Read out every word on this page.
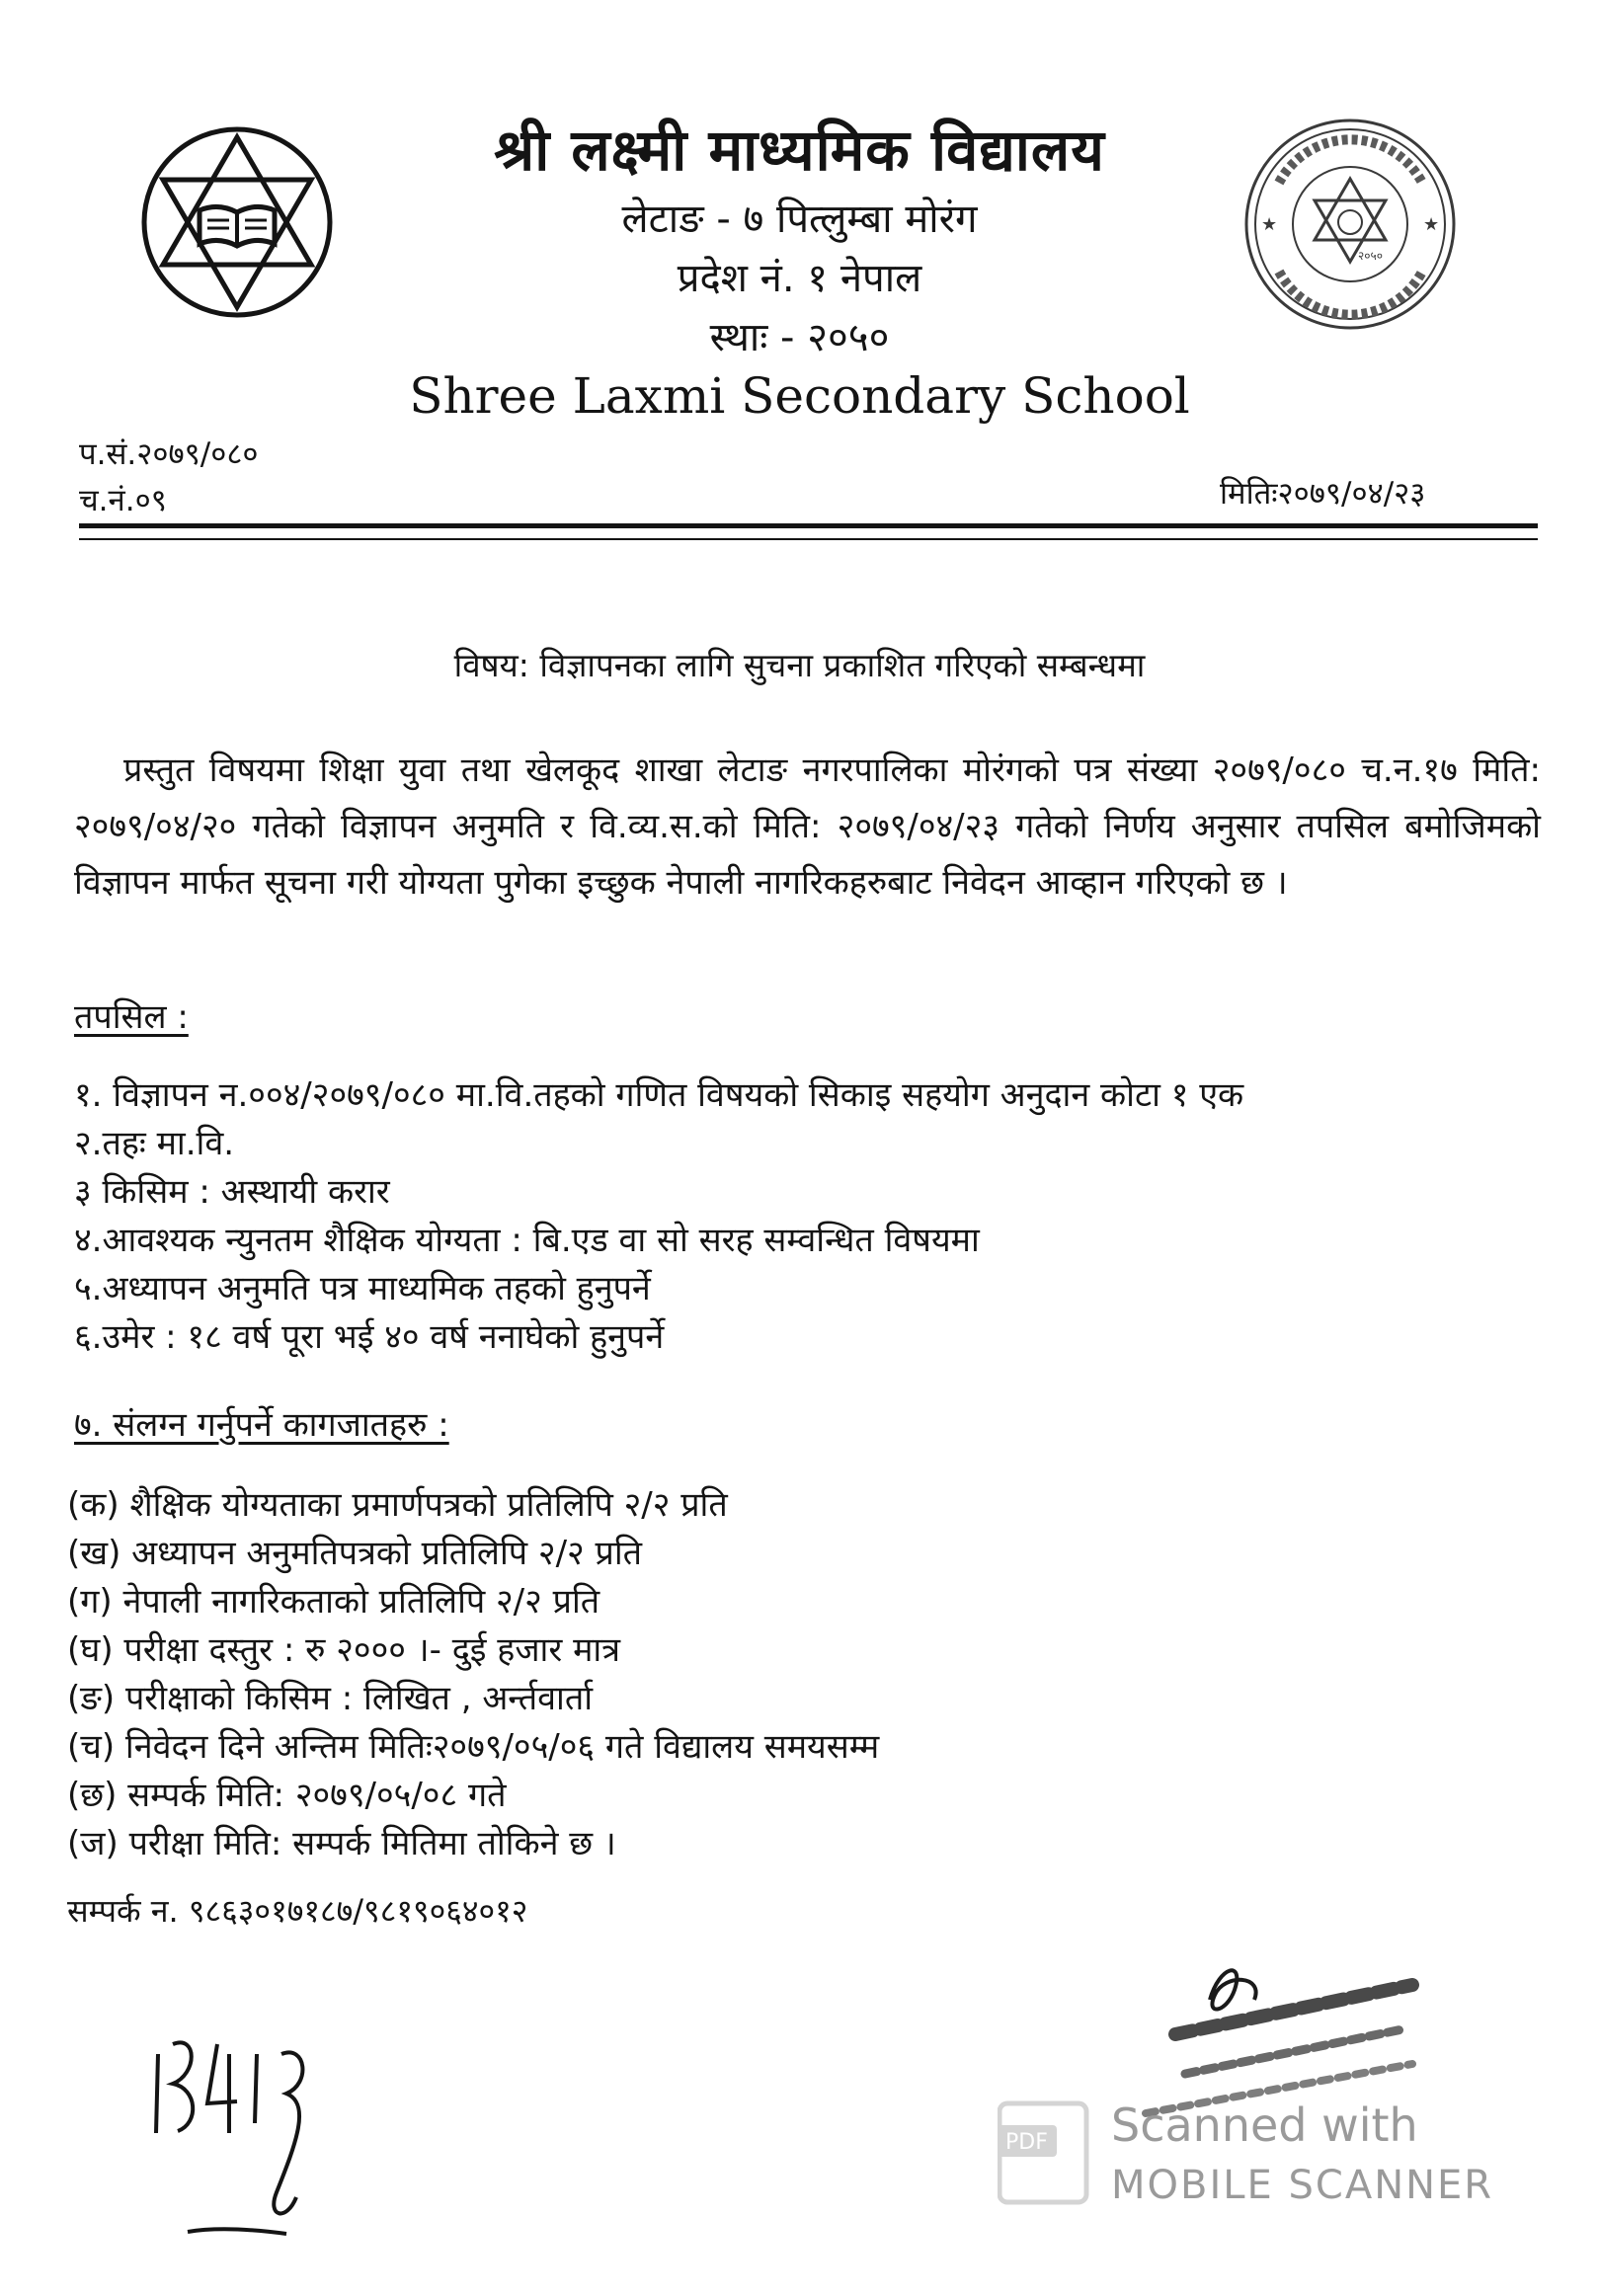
श्री लक्ष्मी माध्यमिक विद्यालय
लेटाङ - ७ पित्लुम्बा मोरंग
प्रदेश नं. १ नेपाल
स्थाः - २०५०
Shree Laxmi Secondary School
★	★
२०५०
प.सं.२०७९/०८०
च.नं.०९	मितिः२०७९/०४/२३
विषय: विज्ञापनका लागि सुचना प्रकाशित गरिएको सम्बन्धमा
प्रस्तुत विषयमा शिक्षा युवा तथा खेलकूद शाखा लेटाङ नगरपालिका मोरंगको पत्र संख्या २०७९/०८० च.न.१७ मिति: २०७९/०४/२० गतेको विज्ञापन अनुमति र वि.व्य.स.को मिति: २०७९/०४/२३ गतेको निर्णय अनुसार तपसिल बमोजिमको विज्ञापन मार्फत सूचना गरी योग्यता पुगेका इच्छुक नेपाली नागरिकहरुबाट निवेदन आव्हान गरिएको छ ।
तपसिल :
१. विज्ञापन न.००४/२०७९/०८० मा.वि.तहको गणित विषयको सिकाइ सहयोग अनुदान कोटा १ एक
२.तहः मा.वि.
३ किसिम : अस्थायी करार
४.आवश्यक न्युनतम शैक्षिक योग्यता : बि.एड वा सो सरह सम्वन्धित विषयमा
५.अध्यापन अनुमति पत्र माध्यमिक तहको हुनुपर्ने
६.उमेर : १८ वर्ष पूरा भई ४० वर्ष ननाघेको हुनुपर्ने
७. संलग्न गर्नुपर्ने कागजातहरु :
(क) शैक्षिक योग्यताका प्रमार्णपत्रको प्रतिलिपि २/२ प्रति
(ख) अध्यापन अनुमतिपत्रको प्रतिलिपि २/२ प्रति
(ग) नेपाली नागरिकताको प्रतिलिपि २/२ प्रति
(घ) परीक्षा दस्तुर : रु २००० ।- दुई हजार मात्र
(ङ) परीक्षाको किसिम : लिखित , अर्न्तवार्ता
(च) निवेदन दिने अन्तिम मितिः२०७९/०५/०६ गते विद्यालय समयसम्म
(छ) सम्पर्क मिति: २०७९/०५/०८ गते
(ज) परीक्षा मिति: सम्पर्क मितिमा तोकिने छ ।
सम्पर्क न. ९८६३०१७१८७/९८१९०६४०१२
PDF Scanned with
MOBILE SCANNER
